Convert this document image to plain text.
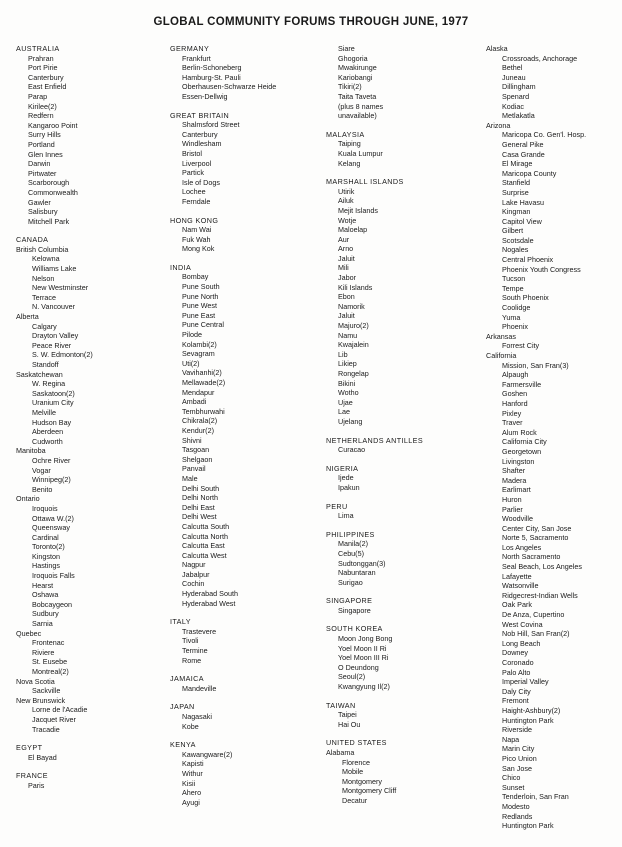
GLOBAL COMMUNITY FORUMS THROUGH JUNE, 1977
AUSTRALIA
Prahran
Port Pirie
Canterbury
East Enfield
Parap
Kirilee(2)
Redfern
Kangaroo Point
Surry Hills
Portland
Glen Innes
Darwin
Pirtwater
Scarborough
Commonwealth
Gawler
Salisbury
Mitchell Park
CANADA
British Columbia
Kelowna
Williams Lake
Nelson
New Westminster
Terrace
N. Vancouver
Alberta
Calgary
Drayton Valley
Peace River
S. W. Edmonton(2)
Standoff
Saskatchewan
W. Regina
Saskatoon(2)
Uranium City
Melville
Hudson Bay
Aberdeen
Cudworth
Manitoba
Ochre River
Vogar
Winnipeg(2)
Benito
Ontario
Iroquois
Ottawa W.(2)
Queensway
Cardinal
Toronto(2)
Kingston
Hastings
Iroquois Falls
Hearst
Oshawa
Bobcaygeon
Sudbury
Sarnia
Quebec
Frontenac
Riviere
St. Eusebe
Montreal(2)
Nova Scotia
Sackville
New Brunswick
Lorne de l'Acadie
Jacquet River
Tracadie
EGYPT
El Bayad
FRANCE
Paris
GERMANY
Frankfurt
Berlin-Schoneberg
Hamburg-St. Pauli
Oberhausen-Schwarze Heide
Essen-Dellwig
GREAT BRITAIN
Shalmsford Street
Canterbury
Windlesham
Bristol
Liverpool
Partick
Isle of Dogs
Lochee
Ferndale
HONG KONG
Nam Wai
Fuk Wah
Mong Kok
INDIA
Bombay
Pune South
Pune North
Pune West
Pune East
Pune Central
Pilode
Kolambi(2)
Sevagram
Uti(2)
Vavihanhi(2)
Mellawade(2)
Mendapur
Ambadi
Tembhurwahi
Chikrala(2)
Kendur(2)
Shivni
Tasgoan
Shelgaon
Panvail
Male
Delhi South
Delhi North
Delhi East
Delhi West
Calcutta South
Calcutta North
Calcutta East
Calcutta West
Nagpur
Jabalpur
Cochin
Hyderabad South
Hyderabad West
ITALY
Trastevere
Tivoli
Termine
Rome
JAMAICA
Mandeville
JAPAN
Nagasaki
Kobe
KENYA
Kawangware(2)
Kapisti
Withur
Kisii
Ahero
Ayugi
Siare
Ghogoria
Mwakirunge
Kariobangi
Tikiri(2)
Taita Taveta
(plus 8 names
unavailable)
MALAYSIA
Taiping
Kuala Lumpur
Kelang
MARSHALL ISLANDS
Utirik
Ailuk
Mejit Islands
Wotje
Maloelap
Aur
Arno
Jaluit
Mili
Jabor
Kili Islands
Ebon
Namorik
Jaluit
Majuro(2)
Namu
Kwajalein
Lib
Likiep
Rongelap
Bikini
Wotho
Ujae
Lae
Ujelang
NETHERLANDS ANTILLES
Curacao
NIGERIA
Ijede
Ipakun
PERU
Lima
PHILIPPINES
Manila(2)
Cebu(5)
Sudtonggan(3)
Nabuntaran
Surigao
SINGAPORE
Singapore
SOUTH KOREA
Moon Jong Bong
Yoel Moon II Ri
Yoel Moon III Ri
O Deundong
Seoul(2)
Kwangyung Il(2)
TAIWAN
Taipei
Hai Ou
UNITED STATES
Alabama
Florence
Mobile
Montgomery
Montgomery Cliff
Decatur
Alaska
Crossroads, Anchorage
Bethel
Juneau
Dillingham
Spenard
Kodiac
Metlakatla
Arizona
Maricopa Co. Gen'l. Hosp.
General Pike
Casa Grande
El Mirage
Maricopa County
Stanfield
Surprise
Lake Havasu
Kingman
Capitol View
Gilbert
Scotsdale
Nogales
Central Phoenix
Phoenix Youth Congress
Tucson
Tempe
South Phoenix
Coolidge
Yuma
Phoenix
Arkansas
Forrest City
California
Mission, San Fran(3)
Alpaugh
Farmersville
Goshen
Hanford
Pixley
Traver
Alum Rock
California City
Georgetown
Livingston
Shafter
Madera
Earlimart
Huron
Parlier
Woodville
Center City, San Jose
Norte 5, Sacramento
Los Angeles
North Sacramento
Seal Beach, Los Angeles
Lafayette
Watsonville
Ridgecrest-Indian Wells
Oak Park
De Anza, Cupertino
West Covina
Nob Hill, San Fran(2)
Long Beach
Downey
Coronado
Palo Alto
Imperial Valley
Daly City
Fremont
Haight-Ashbury(2)
Huntington Park
Riverside
Napa
Marin City
Pico Union
San Jose
Chico
Sunset
Tenderloin, San Fran
Modesto
Redlands
Huntington Park
